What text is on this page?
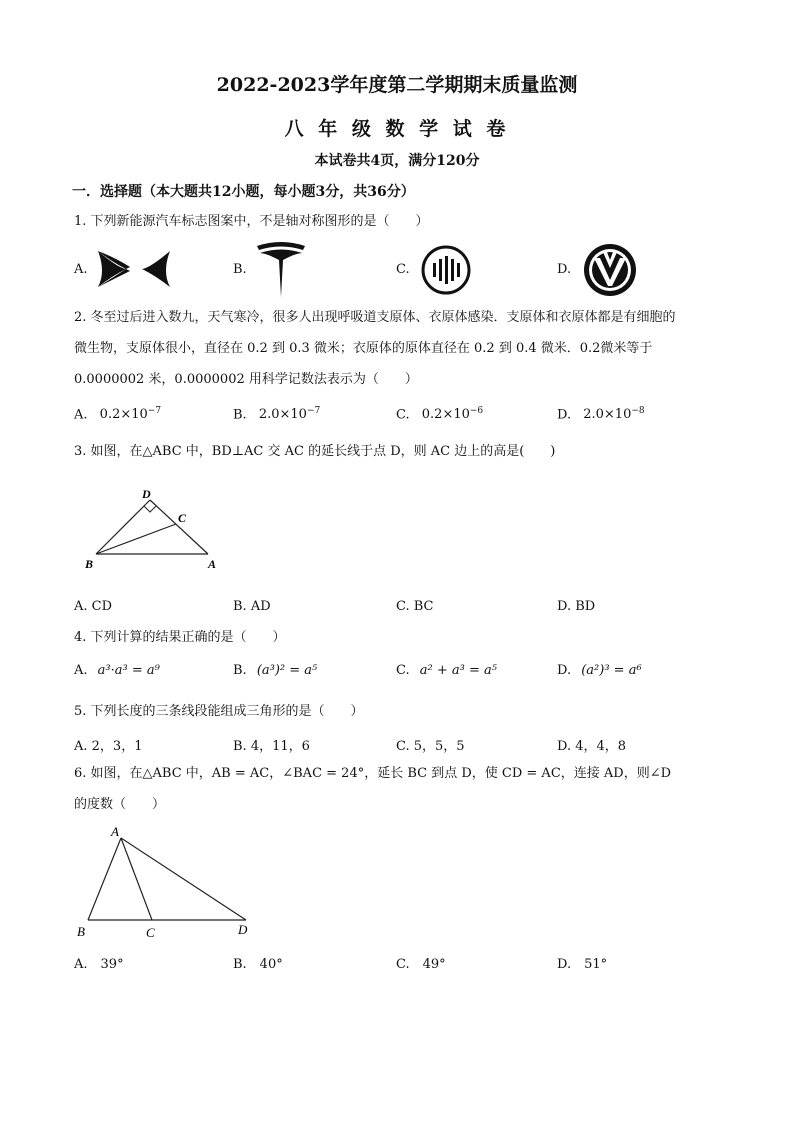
2022-2023学年度第二学期期末质量监测
八 年 级 数 学 试 卷
本试卷共4页，满分120分
一．选择题（本大题共12小题，每小题3分，共36分）
1. 下列新能源汽车标志图案中，不是轴对称图形的是（　　）
A.	B.	C.	D.
2. 冬至过后进入数九，天气寒冷，很多人出现呼吸道支原体、衣原体感染．支原体和衣原体都是有细胞的
微生物，支原体很小，直径在 0.2 到 0.3 微米；衣原体的原体直径在 0.2 到 0.4 微米．0.2微米等于
0.0000002 米，0.0000002 用科学记数法表示为（　　）
A. $0.2\times 10^{-7}$	B. $2.0\times 10^{-7}$	C. $0.2\times 10^{-6}$	D. $2.0\times 10^{-8}$
3. 如图，在△ABC 中，BD⊥AC 交 AC 的延长线于点 D，则 AC 边上的高是(　　)
D
C
B	A
A. CD	B. AD	C. BC	D. BD
4. 下列计算的结果正确的是（　　）
A. a³·a³ = a⁹	B. (a³)² = a⁵	C. a² + a³ = a⁵	D. (a²)³ = a⁶
5. 下列长度的三条线段能组成三角形的是（　　）
A. 2，3，1	B. 4，11，6	C. 5，5，5	D. 4，4，8
6. 如图，在△ABC 中，AB = AC，∠BAC = 24°，延长 BC 到点 D，使 CD = AC，连接 AD，则∠D
的度数（　　）
A
B	C	D
A.　39°	B.　40°	C.　49°	D.　51°
